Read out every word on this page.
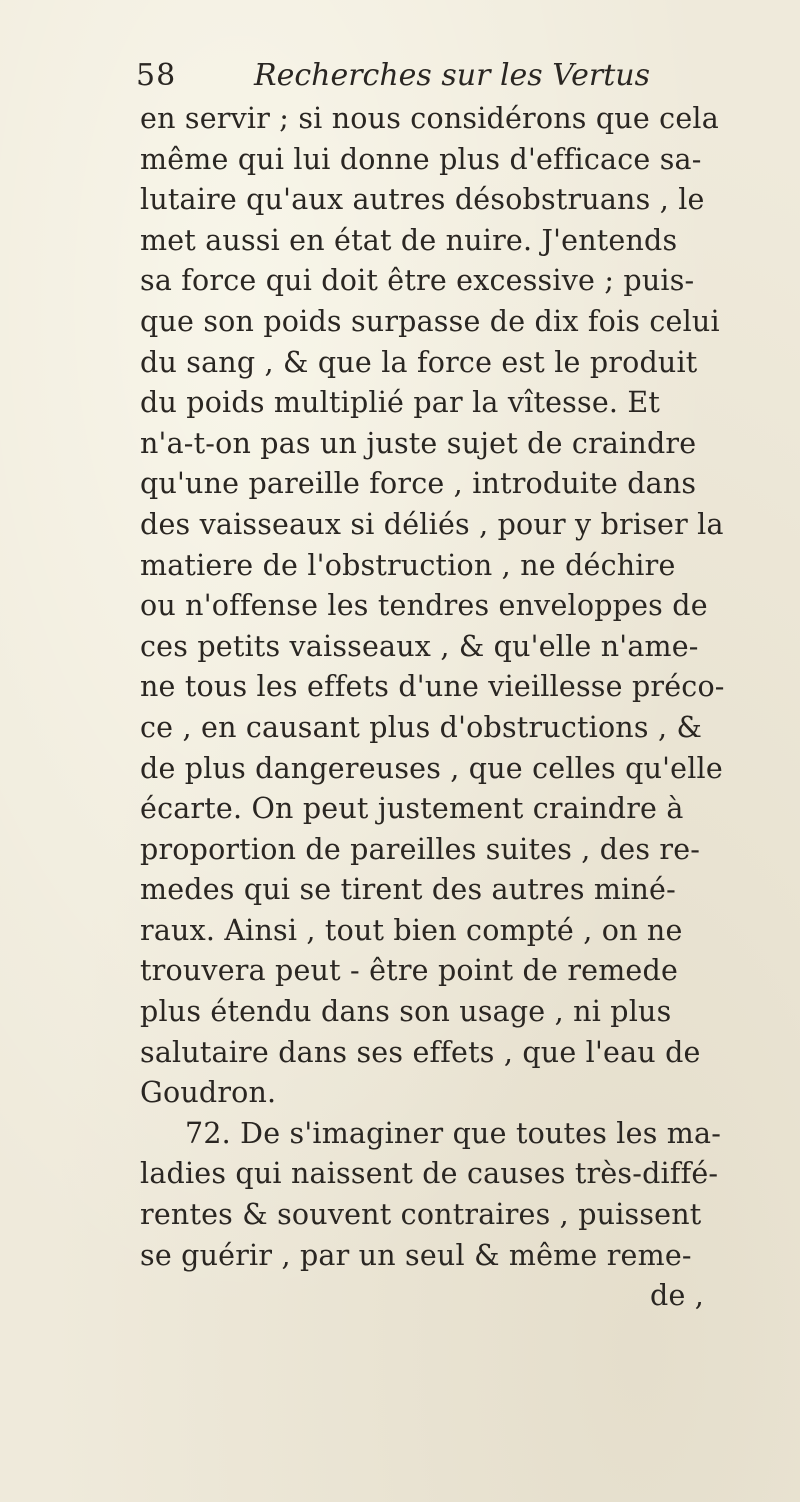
58	Recherches sur les Vertus
en servir ; si nous considérons que cela
même qui lui donne plus d'efficace sa-
lutaire qu'aux autres désobstruans , le
met aussi en état de nuire. J'entends
sa force qui doit être excessive ; puis-
que son poids surpasse de dix fois celui
du sang , & que la force est le produit
du poids multiplié par la vîtesse. Et
n'a-t-on pas un juste sujet de craindre
qu'une pareille force , introduite dans
des vaisseaux si déliés , pour y briser la
matiere de l'obstruction , ne déchire
ou n'offense les tendres enveloppes de
ces petits vaisseaux , & qu'elle n'ame-
ne tous les effets d'une vieillesse préco-
ce , en causant plus d'obstructions , &
de plus dangereuses , que celles qu'elle
écarte. On peut justement craindre à
proportion de pareilles suites , des re-
medes qui se tirent des autres miné-
raux. Ainsi , tout bien compté , on ne
trouvera peut - être point de remede
plus étendu dans son usage , ni plus
salutaire dans ses effets , que l'eau de
Goudron.
72. De s'imaginer que toutes les ma-
ladies qui naissent de causes très-diffé-
rentes & souvent contraires , puissent
se guérir , par un seul & même reme-
de ,
